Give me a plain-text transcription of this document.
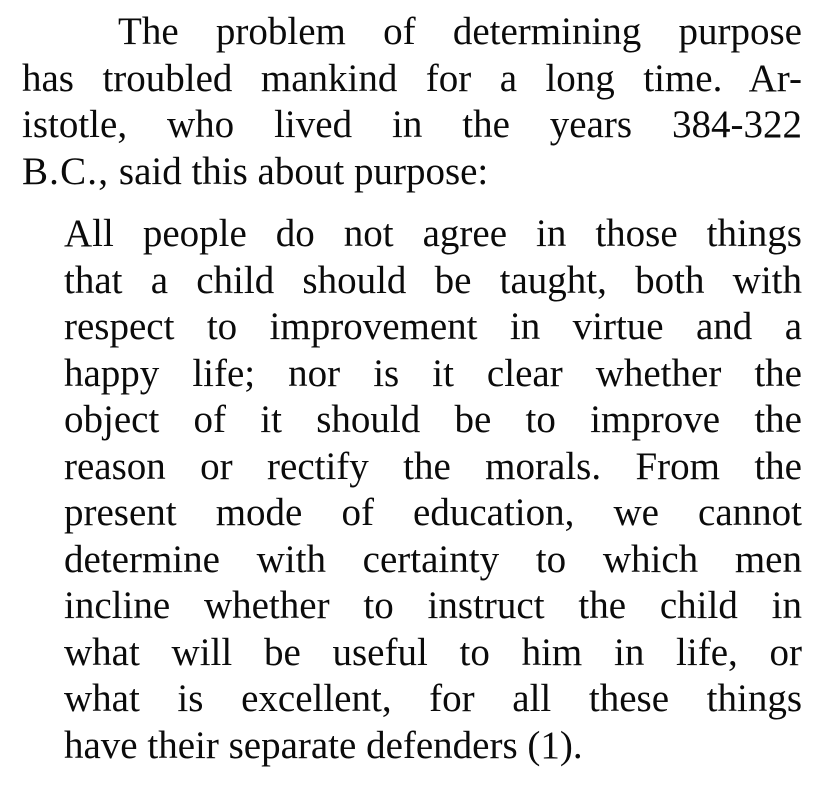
The problem of determining purpose
has troubled mankind for a long time. Ar-
istotle, who lived in the years 384-322
B.C., said this about purpose:
All people do not agree in those things
that a child should be taught, both with
respect to improvement in virtue and a
happy life; nor is it clear whether the
object of it should be to improve the
reason or rectify the morals. From the
present mode of education, we cannot
determine with certainty to which men
incline whether to instruct the child in
what will be useful to him in life, or
what is excellent, for all these things
have their separate defenders (1).
